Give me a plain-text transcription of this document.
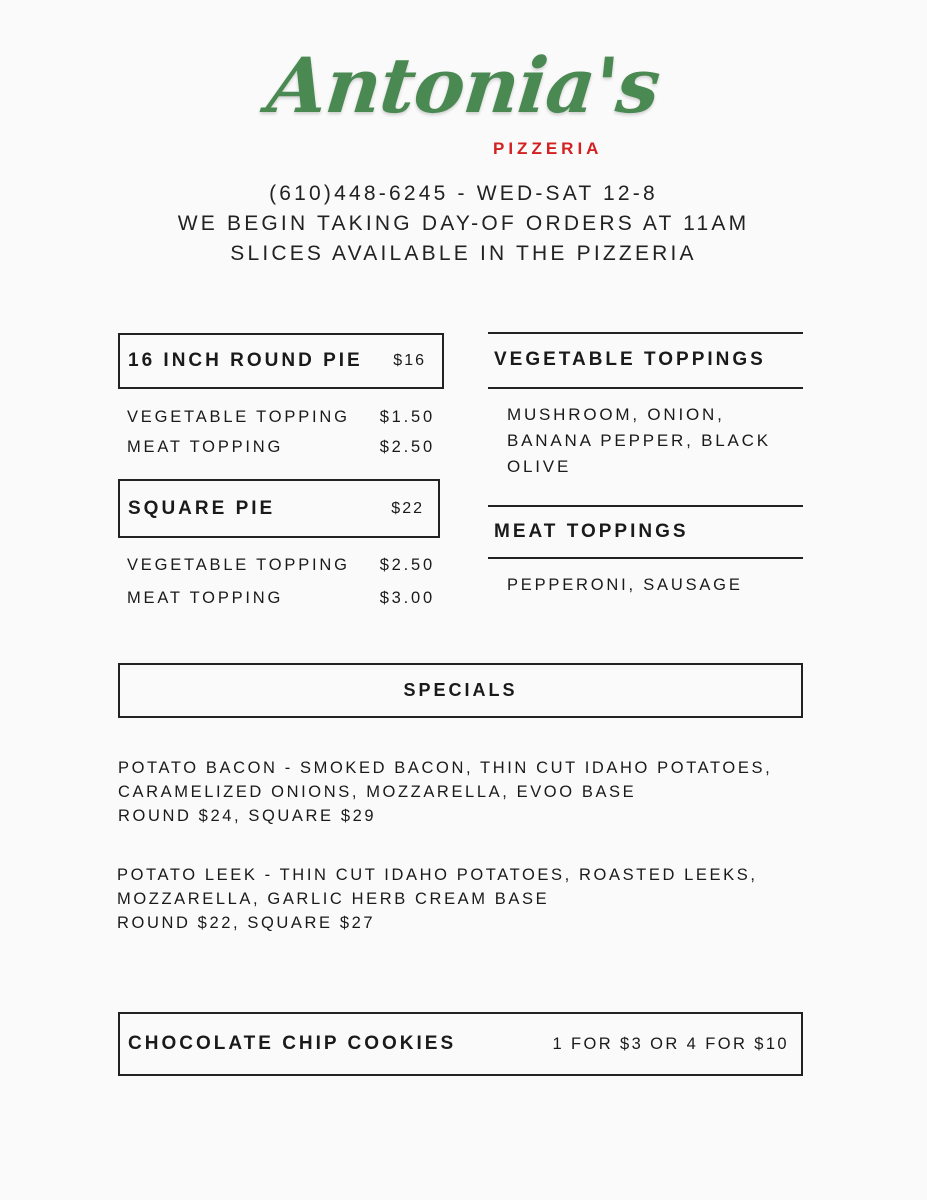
Antonia's
PIZZERIA
(610)448-6245 - WED-SAT 12-8
WE BEGIN TAKING DAY-OF ORDERS AT 11AM
SLICES AVAILABLE IN THE PIZZERIA
16 INCH ROUND PIE $16
VEGETABLE TOPPING $1.50
MEAT TOPPING	$2.50
SQUARE PIE	$22
VEGETABLE TOPPING $2.50
MEAT TOPPING	$3.00
VEGETABLE TOPPINGS
MUSHROOM, ONION,
BANANA PEPPER, BLACK
OLIVE
MEAT TOPPINGS
PEPPERONI, SAUSAGE
SPECIALS
POTATO BACON - SMOKED BACON, THIN CUT IDAHO POTATOES,
CARAMELIZED ONIONS, MOZZARELLA, EVOO BASE
ROUND $24, SQUARE $29
POTATO LEEK - THIN CUT IDAHO POTATOES, ROASTED LEEKS,
MOZZARELLA, GARLIC HERB CREAM BASE
ROUND $22, SQUARE $27
CHOCOLATE CHIP COOKIES	1 FOR $3 OR 4 FOR $10
